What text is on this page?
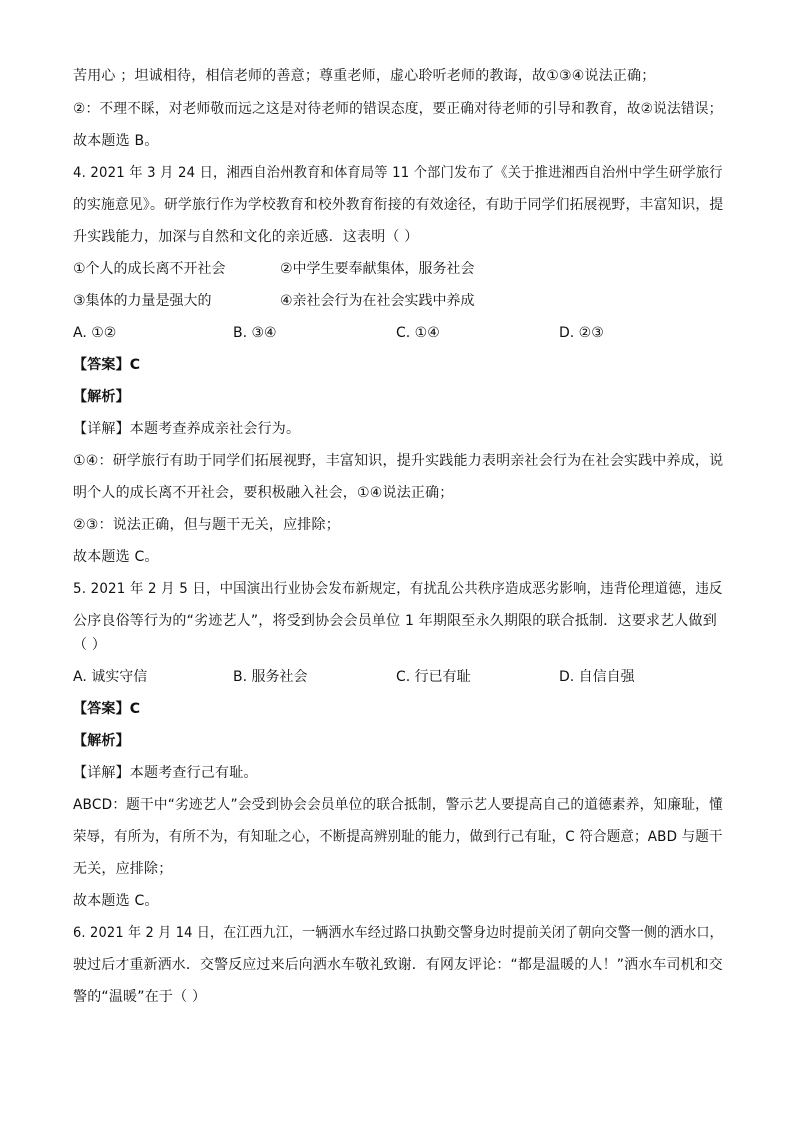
苦用心 ；坦诚相待，相信老师的善意；尊重老师，虚心聆听老师的教诲，故①③④说法正确；
②：不理不睬，对老师敬而远之这是对待老师的错误态度，要正确对待老师的引导和教育，故②说法错误；
故本题选 B。
4. 2021 年 3 月 24 日，湘西自治州教育和体育局等 11 个部门发布了《关于推进湘西自治州中学生研学旅行
的实施意见》。研学旅行作为学校教育和校外教育衔接的有效途径，有助于同学们拓展视野，丰富知识，提
升实践能力，加深与自然和文化的亲近感．这表明（ ）
①个人的成长离不开社会	②中学生要奉献集体，服务社会
③集体的力量是强大的	④亲社会行为在社会实践中养成
A. ①②	B. ③④	C. ①④	D. ②③
【答案】C
【解析】
【详解】本题考查养成亲社会行为。
①④：研学旅行有助于同学们拓展视野，丰富知识，提升实践能力表明亲社会行为在社会实践中养成，说
明个人的成长离不开社会，要积极融入社会，①④说法正确；
②③：说法正确，但与题干无关，应排除；
故本题选 C。
5. 2021 年 2 月 5 日，中国演出行业协会发布新规定，有扰乱公共秩序造成恶劣影响，违背伦理道德，违反
公序良俗等行为的“劣迹艺人”，将受到协会会员单位 1 年期限至永久期限的联合抵制．这要求艺人做到
（ ）
A. 诚实守信	B. 服务社会	C. 行已有耻	D. 自信自强
【答案】C
【解析】
【详解】本题考查行己有耻。
ABCD：题干中“劣迹艺人”会受到协会会员单位的联合抵制，警示艺人要提高自己的道德素养，知廉耻，懂
荣辱，有所为，有所不为，有知耻之心，不断提高辨别耻的能力，做到行己有耻，C 符合题意；ABD 与题干
无关，应排除；
故本题选 C。
6. 2021 年 2 月 14 日，在江西九江，一辆洒水车经过路口执勤交警身边时提前关闭了朝向交警一侧的洒水口，
驶过后才重新洒水．交警反应过来后向洒水车敬礼致谢．有网友评论：“都是温暖的人！”洒水车司机和交
警的“温暖”在于（ ）
